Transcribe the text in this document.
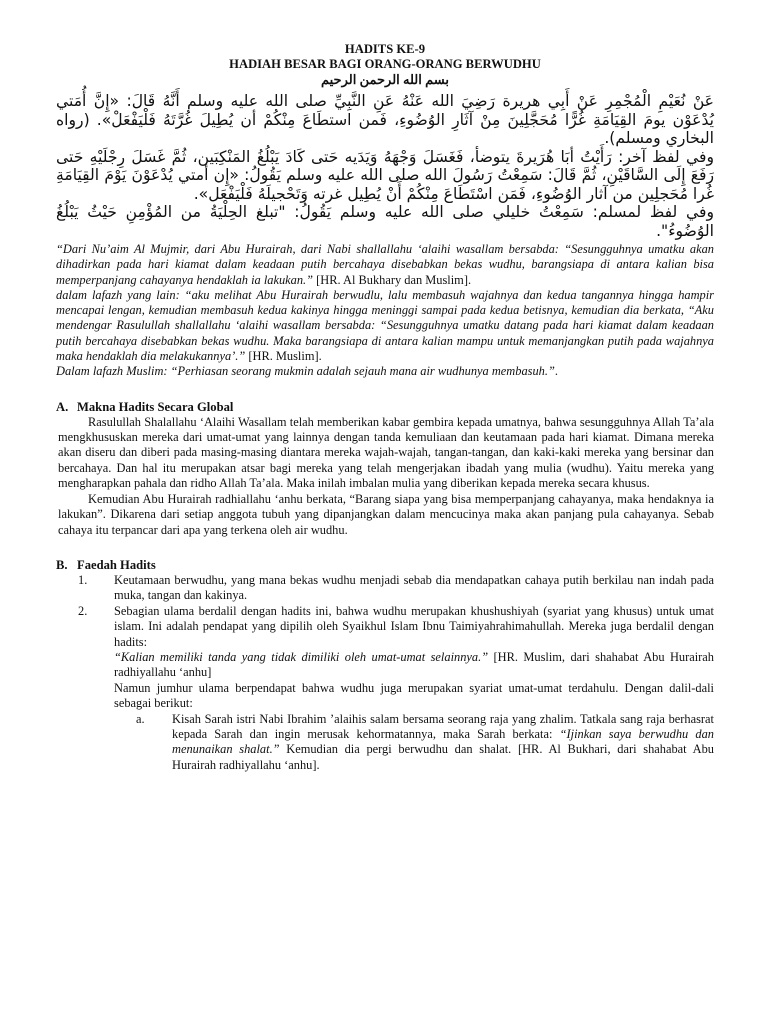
HADITS KE-9
HADIAH BESAR BAGI ORANG-ORANG BERWUDHU
بسم الله الرحمن الرحيم

عَنْ نُعَيْمِ الْمُجْمِرِ عَنْ أَبِي هريرة رَضِيَ الله عَنْهُ عَنِ النَّبِيِّ صلى الله عليه وسلم أَنَّهُ قَالَ: «إِنَّ أُمَتي يُدْعَوْن يومَ القِيَامَةِ غُرًّا مُحَجَّلِينَ مِنْ آثَارِ الوُضُوءِ، فَمن استطَاعَ مِنْكُمْ أن يُطِيلَ غُرَّتَهُ فَلْيَفْعَلْ». (رواه البخاري ومسلم).

وفي لفظ آخر: رَأَيْتُ أبَا هُرَيرةَ يتوضأ، فَغَسَلَ وَجْهَهُ وَيَدَيه حَتى كَادَ يَبْلُغُ المَنْكِبَين، ثُمَّ غَسَلَ رِجْلَيْهِ حَتى رَفَعَ إِلَى السَّاقَيْنِ، ثُمَّ قَالَ: سَمِعْتُ رَسُولَ الله صلى الله عليه وسلم يَقُولُ: «إِن أمتي يُدْعَوْنَ يَوْمَ القِيَامَةِ غُرا مُحَجلِين من آثار الوُضُوءِ، فَمَن اسْتَطَاعَ مِنْكُمْ أَنْ يُطِيل غرته وَتَحْجيلَهُ فَلْيَفْعَل».

وفي لفظ لمسلم: سَمِعْتُ خليلي صلى الله عليه وسلم يَقُولُ: "تبلغ الحِلْيَةُ من المُؤْمِنِ حَيْثُ يَبْلُغُ الوُضُوءُ".

“Dari Nu’aim Al Mujmir, dari Abu Hurairah, dari Nabi shallallahu ‘alaihi wasallam bersabda: “Sesungguhnya umatku akan dihadirkan pada hari kiamat dalam keadaan putih bercahaya disebabkan bekas wudhu, barangsiapa di antara kalian bisa memperpanjang cahayanya hendaklah ia lakukan.” [HR. Al Bukhary dan Muslim].

dalam lafazh yang lain: “aku melihat Abu Hurairah berwudlu, lalu membasuh wajahnya dan kedua tangannya hingga hampir mencapai lengan, kemudian membasuh kedua kakinya hingga meninggi sampai pada kedua betisnya, kemudian dia berkata, “Aku mendengar Rasulullah shallallahu ‘alaihi wasallam bersabda: “Sesungguhnya umatku datang pada hari kiamat dalam keadaan putih bercahaya disebabkan bekas wudhu. Maka barangsiapa di antara kalian mampu untuk memanjangkan putih pada wajahnya maka hendaklah dia melakukannya’.” [HR. Muslim].

Dalam lafazh Muslim: “Perhiasan seorang mukmin adalah sejauh mana air wudhunya membasuh.”.

A. Makna Hadits Secara Global

Rasulullah Shalallahu ‘Alaihi Wasallam telah memberikan kabar gembira kepada umatnya, bahwa sesungguhnya Allah Ta’ala mengkhususkan mereka dari umat-umat yang lainnya dengan tanda kemuliaan dan keutamaan pada hari kiamat. Dimana mereka akan diseru dan diberi pada masing-masing diantara mereka wajah-wajah, tangan-tangan, dan kaki-kaki mereka yang bersinar dan bercahaya. Dan hal itu merupakan atsar bagi mereka yang telah mengerjakan ibadah yang mulia (wudhu). Yaitu mereka yang mengharapkan pahala dan ridho Allah Ta’ala. Maka inilah imbalan mulia yang diberikan kepada mereka secara khusus.

Kemudian Abu Hurairah radhiallahu ‘anhu berkata, “Barang siapa yang bisa memperpanjang cahayanya, maka hendaknya ia lakukan”. Dikarena dari setiap anggota tubuh yang dipanjangkan dalam mencucinya maka akan panjang pula cahayanya. Sebab cahaya itu terpancar dari apa yang terkena oleh air wudhu.

B. Faedah Hadits
1. Keutamaan berwudhu, yang mana bekas wudhu menjadi sebab dia mendapatkan cahaya putih berkilau nan indah pada muka, tangan dan kakinya.
2. Sebagian ulama berdalil dengan hadits ini, bahwa wudhu merupakan khushushiyah (syariat yang khusus) untuk umat islam. Ini adalah pendapat yang dipilih oleh Syaikhul Islam Ibnu Taimiyahrahimahullah. Mereka juga berdalil dengan hadits:

“Kalian memiliki tanda yang tidak dimiliki oleh umat-umat selainnya.” [HR. Muslim, dari shahabat Abu Hurairah radhiyallahu ‘anhu]

Namun jumhur ulama berpendapat bahwa wudhu juga merupakan syariat umat-umat terdahulu. Dengan dalil-dali sebagai berikut:

a. Kisah Sarah istri Nabi Ibrahim ’alaihis salam bersama seorang raja yang zhalim. Tatkala sang raja berhasrat kepada Sarah dan ingin merusak kehormatannya, maka Sarah berkata: “Ijinkan saya berwudhu dan menunaikan shalat.” Kemudian dia pergi berwudhu dan shalat. [HR. Al Bukhari, dari shahabat Abu Hurairah radhiyallahu ‘anhu].
